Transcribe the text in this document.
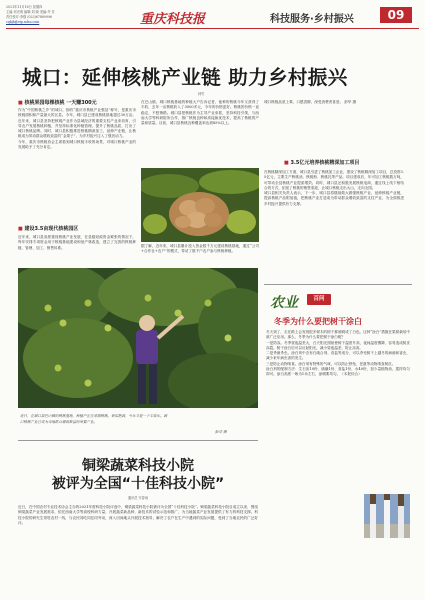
2021年11月16日 星期四
主编:邓光明 编辑:刘 晓 美编:许 芳
责任校对:李强 (023)67889996
cqkjb@vip.sohu.com	重庆科技报	科技服务·乡村振兴	09
城口：延伸核桃产业链 助力乡村振兴
林竹
■ 核桃果园每棵核桃 一天赚300元
作为“中国核桃之乡”的城口，拥有“重庆市核桃产业强县”称号，是重庆市核桃面积和产量最大的区县。今年，城口县已建成核桃基地超过30万亩。近年来，城口县坚持把核桃产业作为县域经济的重要支柱产业来培育，引导农户发展核桃种植，并坚持标准化种植管理，提升了核桃品质，打出了城口核桃品牌。同时，城口县积极推进核桃精深加工，延伸产业链，让核桃成为带动群众增收致富的“金果子”，为乡村振兴注入了强劲动力。
今年，重庆市核桃协会主席看到城口核桃丰收的场景，对城口核桃产业的发展给予了充分肯定。
■ 建设3.5亩现代核桃园区
近年来，城口县高度重视核桃产业发展，在县级财政资金紧张的情况下，每年安排专项资金用于核桃基地建设和低产林改造，建立了完善的核桃种植、管理、加工、销售体系。
在巴山镇，城口核桃基地的种植大户告诉记者，他种的核桃今年又获得了丰收，去年一亩核桃收入了3000多元，今年的价格更好。核桃的价格一直稳定，不愁销路。城口县把核桃作为主导产业来抓，坚持科技引领，与西南大学等科研院所合作，推广核桃良种和高接换优技术，提高了核桃的产量和质量。目前，城口县核桃良种覆盖率达到85%以上。
据了解，近年来，城口县累计投入资金数千万元建设核桃基地，通过“公司+合作社+农户”的模式，带动了数千户农户参与核桃种植。
城口核桃品质上乘、口感香醇，深受消费者喜爱。 彭华 摄
■ 3.5亿元培养核桃精深加工项目
在核桃精深加工方面，城口县引进了核桃加工企业，建设了核桃精深加工项目，总投资3.5亿元，主要生产核桃油、核桃粉、核桃乳等产品。项目建成后，年可加工核桃数万吨，可带动全县核桃产业提质增效。同时，城口县还积极发展核桃电商，通过线上线下相结合的方式，拓宽了核桃的销售渠道，让城口核桃走出大山，走向全国。
城口县相关负责人表示，下一步，城口县将继续做大做强核桃产业，延伸核桃产业链，提高核桃产品附加值，把核桃产业打造成为带动群众增收致富的支柱产业，为全面推进乡村振兴提供有力支撑。
近日，在城口县巴山镇的核桃基地，种植户正在采摘核桃。果实饱满，今年又是一个丰收年。城口核桃产业已成为当地群众增收致富的重要产业。
彭华 摄
农业	百问
冬季为什么要把树干涂白
冬天到了，走在路上会发现很多树木的树干都被刷成了白色。这种“涂白”措施在果树栽培中被广泛应用。那么，冬季为什么要把树干涂白呢？
一是防冻。冬季昼夜温差大，白天阳光照射使树干温度升高，夜间温度骤降，容易造成树皮冻裂。树干涂白后可以反射阳光，减小昼夜温差，防止冻害。
二是杀菌杀虫。涂白剂中含有石硫合剂、食盐等成分，可以杀死树干上越冬的病菌和害虫，减少来年病虫害的发生。
三是防止动物啃食。涂白剂有特殊的气味，可以防止野兔、老鼠等动物啃食树皮。
涂白剂的配制方法：生石灰10份、硫磺1份、食盐1份、水40份，加少量植物油，搅拌均匀即可。涂白高度一般为1米左右，涂刷要均匀。（本报综合）
铜梁蔬菜科技小院
被评为全国“十佳科技小院”
通讯员 安春雨
近日，在中国农村专业技术协会主办的2021年度科技小院评选中，铜梁蔬菜科技小院被评为全国“十佳科技小院”。铜梁蔬菜科技小院自成立以来，围绕铜梁蔬菜产业发展需求，依托西南大学等高校科研力量，开展蔬菜新品种、新技术的试验示范和推广，为当地蔬菜产业发展提供了有力的科技支撑。科技小院的研究生常驻农村一线，与农民同吃同住同劳动，深入田间地头开展技术指导，解决了农户在生产中遇到的实际问题，受到了当地农民的广泛好评。
